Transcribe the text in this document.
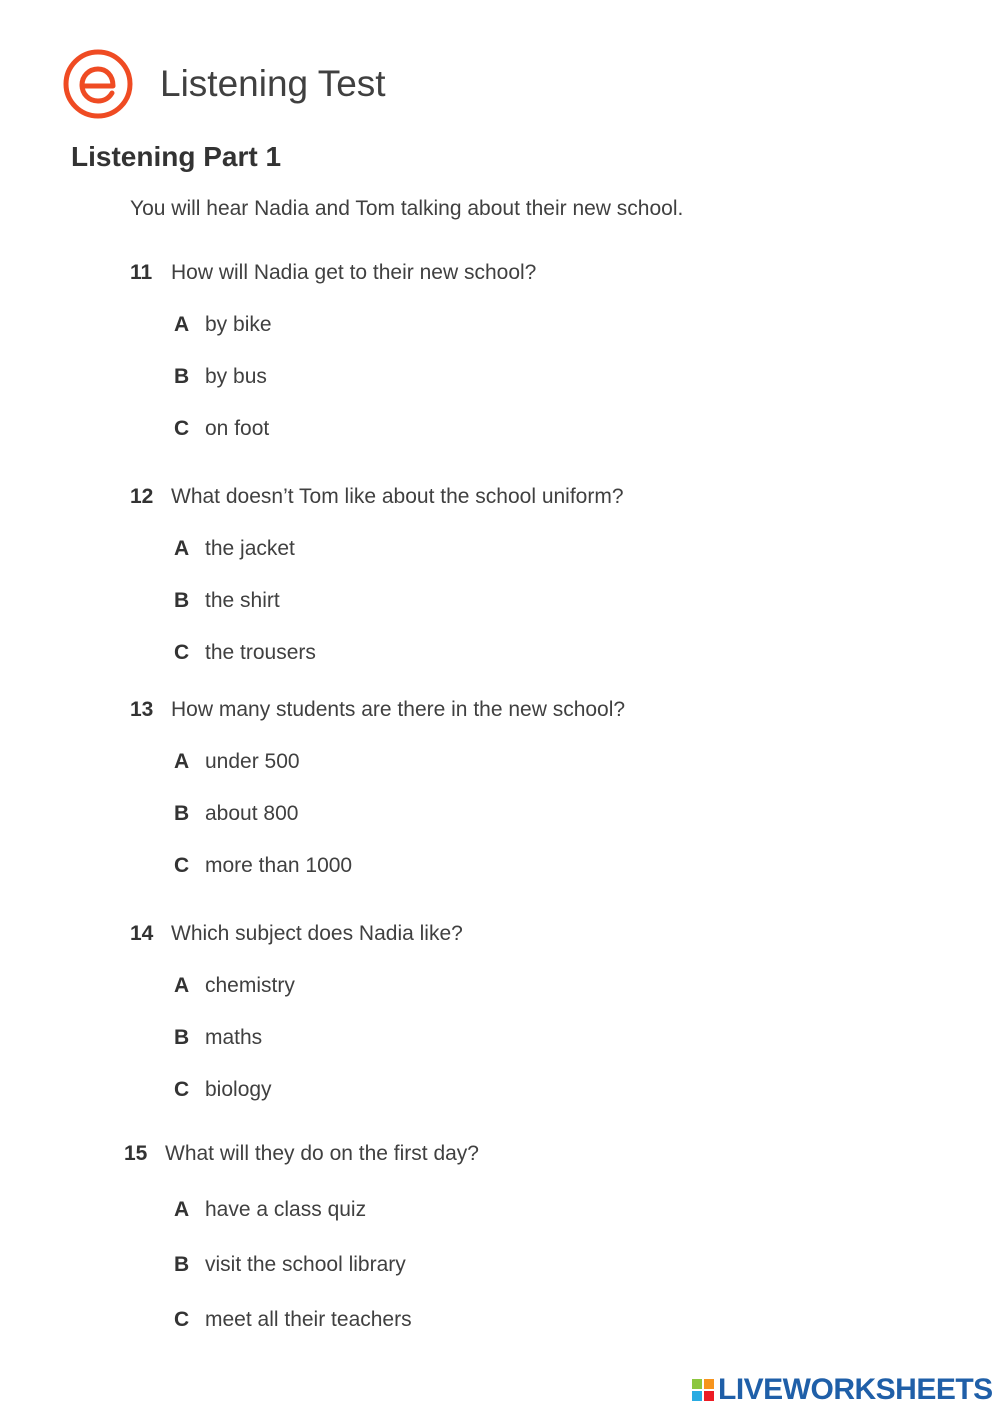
Listening Test
Listening Part 1
You will hear Nadia and Tom talking about their new school.
11 How will Nadia get to their new school?
A by bike
B by bus
C on foot
12 What doesn’t Tom like about the school uniform?
A the jacket
B the shirt
C the trousers
13 How many students are there in the new school?
A under 500
B about 800
C more than 1000
14 Which subject does Nadia like?
A chemistry
B maths
C biology
15 What will they do on the first day?
A have a class quiz
B visit the school library
C meet all their teachers
LIVEWORKSHEETS
